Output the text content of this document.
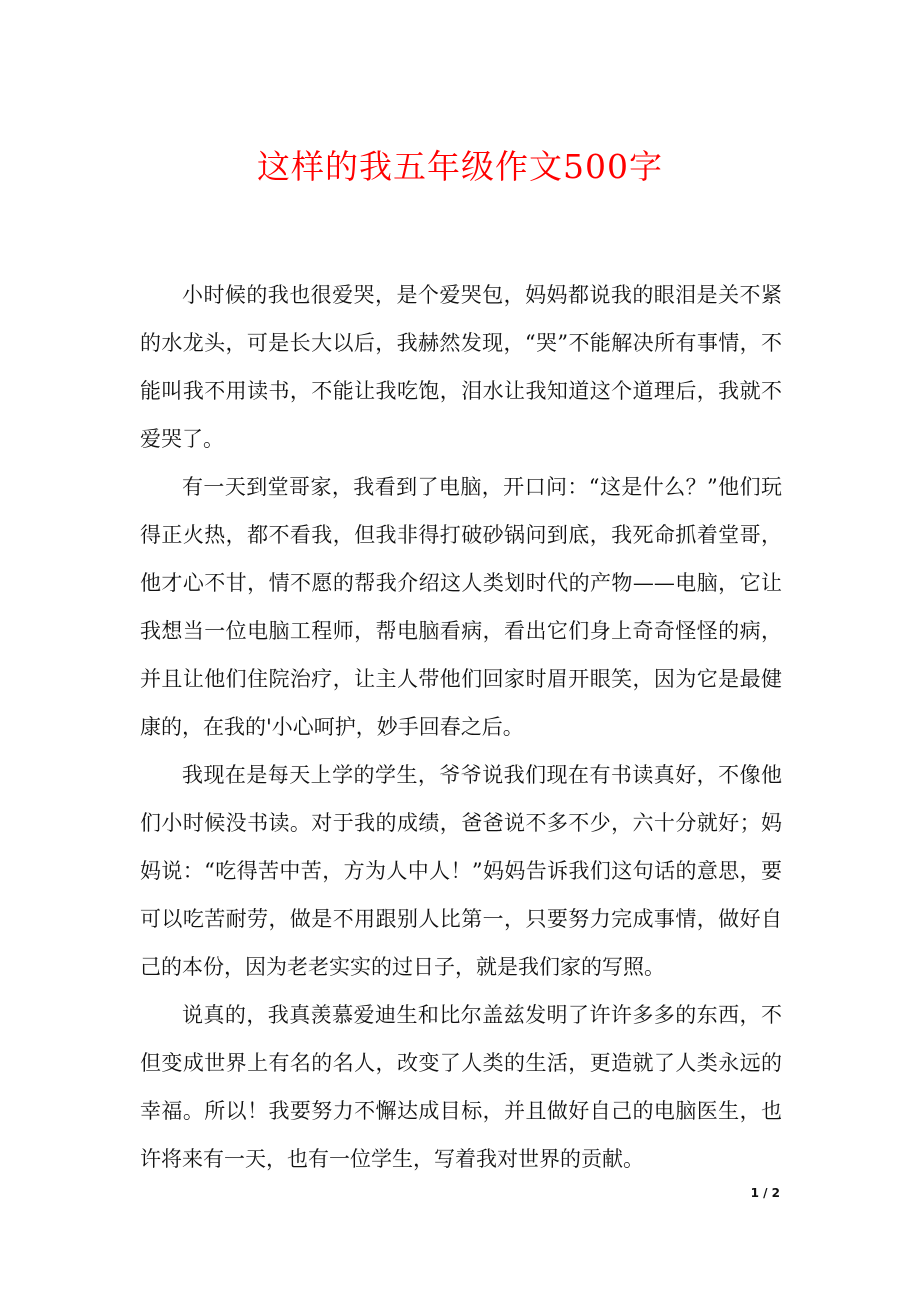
这样的我五年级作文500字

小时候的我也很爱哭，是个爱哭包，妈妈都说我的眼泪是关不紧的水龙头，可是长大以后，我赫然发现，“哭”不能解决所有事情，不能叫我不用读书，不能让我吃饱，泪水让我知道这个道理后，我就不爱哭了。

有一天到堂哥家，我看到了电脑，开口问：“这是什么？”他们玩得正火热，都不看我，但我非得打破砂锅问到底，我死命抓着堂哥，他才心不甘，情不愿的帮我介绍这人类划时代的产物——电脑，它让我想当一位电脑工程师，帮电脑看病，看出它们身上奇奇怪怪的病，并且让他们住院治疗，让主人带他们回家时眉开眼笑，因为它是最健康的，在我的'小心呵护，妙手回春之后。

我现在是每天上学的学生，爷爷说我们现在有书读真好，不像他们小时候没书读。对于我的成绩，爸爸说不多不少，六十分就好；妈妈说：“吃得苦中苦，方为人中人！”妈妈告诉我们这句话的意思，要可以吃苦耐劳，做是不用跟别人比第一，只要努力完成事情，做好自己的本份，因为老老实实的过日子，就是我们家的写照。

说真的，我真羡慕爱迪生和比尔盖兹发明了许许多多的东西，不但变成世界上有名的名人，改变了人类的生活，更造就了人类永远的幸福。所以！我要努力不懈达成目标，并且做好自己的电脑医生，也许将来有一天，也有一位学生，写着我对世界的贡献。

1 / 2
